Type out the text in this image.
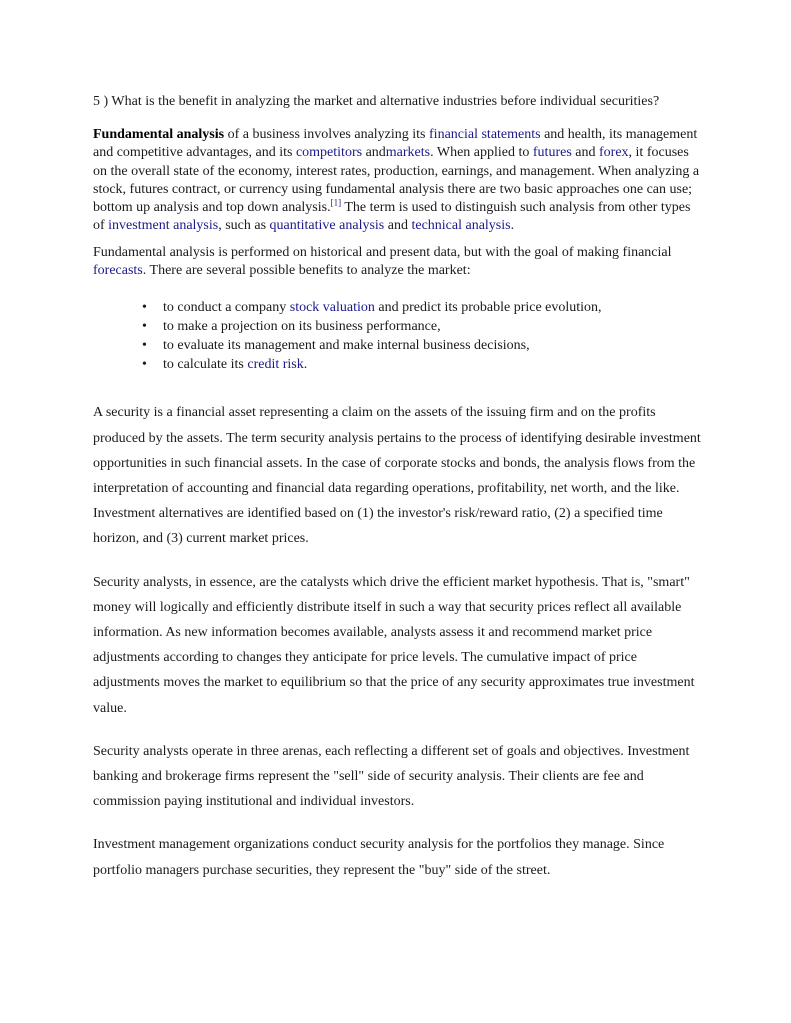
5 ) What is the benefit in analyzing the market and alternative industries before individual securities?

Fundamental analysis of a business involves analyzing its financial statements and health, its management and competitive advantages, and its competitors andmarkets. When applied to futures and forex, it focuses on the overall state of the economy, interest rates, production, earnings, and management. When analyzing a stock, futures contract, or currency using fundamental analysis there are two basic approaches one can use; bottom up analysis and top down analysis.[1] The term is used to distinguish such analysis from other types of investment analysis, such as quantitative analysis and technical analysis.

Fundamental analysis is performed on historical and present data, but with the goal of making financial forecasts. There are several possible benefits to analyze the market:

• to conduct a company stock valuation and predict its probable price evolution,
• to make a projection on its business performance,
• to evaluate its management and make internal business decisions,
• to calculate its credit risk.

A security is a financial asset representing a claim on the assets of the issuing firm and on the profits produced by the assets. The term security analysis pertains to the process of identifying desirable investment opportunities in such financial assets. In the case of corporate stocks and bonds, the analysis flows from the interpretation of accounting and financial data regarding operations, profitability, net worth, and the like. Investment alternatives are identified based on (1) the investor's risk/reward ratio, (2) a specified time horizon, and (3) current market prices.

Security analysts, in essence, are the catalysts which drive the efficient market hypothesis. That is, "smart" money will logically and efficiently distribute itself in such a way that security prices reflect all available information. As new information becomes available, analysts assess it and recommend market price adjustments according to changes they anticipate for price levels. The cumulative impact of price adjustments moves the market to equilibrium so that the price of any security approximates true investment value.

Security analysts operate in three arenas, each reflecting a different set of goals and objectives. Investment banking and brokerage firms represent the "sell" side of security analysis. Their clients are fee and commission paying institutional and individual investors.

Investment management organizations conduct security analysis for the portfolios they manage. Since portfolio managers purchase securities, they represent the "buy" side of the street.
